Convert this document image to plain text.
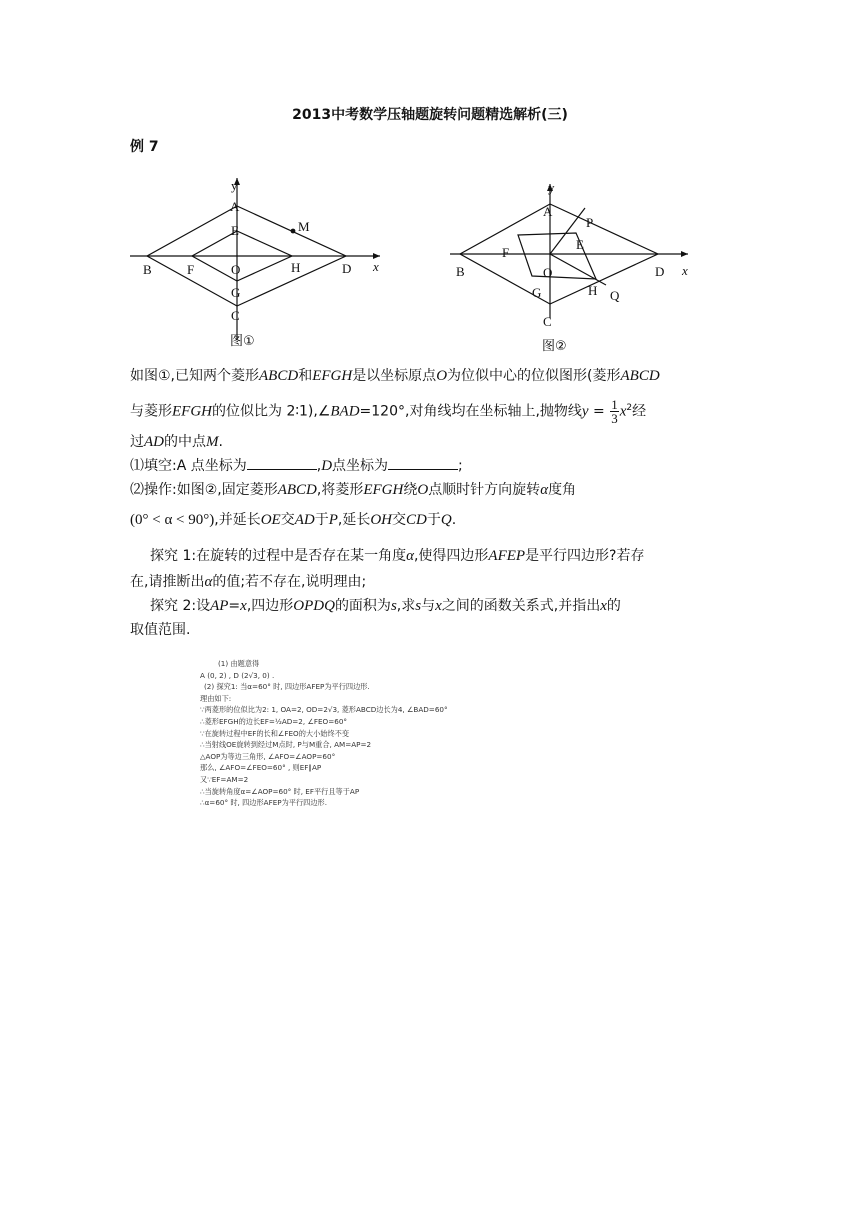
2013中考数学压轴题旋转问题精选解析(三)
例 7
y
x
A
M
E
B	F	O	H	D
G
C
图①
y
x
A
P
E
F
B	O	D
G	H Q
C
图②
如图①,已知两个菱形ABCD和EFGH是以坐标原点O为位似中心的位似图形(菱形ABCD
与菱形EFGH的位似比为 2∶1),∠BAD=120°,对角线均在坐标轴上,抛物线$y = \frac{1}{3} x^2$经
过AD的中点M.
⑴填空:A 点坐标为	,D点坐标为	;
⑵操作:如图②,固定菱形ABCD,将菱形EFGH绕O点顺时针方向旋转α度角
(0° < α < 90°),并延长OE交AD于P,延长OH交CD于Q.
探究 1:在旋转的过程中是否存在某一角度α,使得四边形AFEP是平行四边形?若存
在,请推断出α的值;若不存在,说明理由;
探究 2:设AP=x,四边形OPDQ的面积为s,求s与x之间的函数关系式,并指出x的
取值范围.
(1) 由题意得
A (0, 2) , D (2√3, 0) .
(2) 探究1: 当α=60° 时, 四边形AFEP为平行四边形.
理由如下:
∵两菱形的位似比为2: 1, OA=2, OD=2√3, 菱形ABCD边长为4, ∠BAD=60°
∴菱形EFGH的边长EF=½AD=2, ∠FEO=60°
∵在旋转过程中EF的长和∠FEO的大小始终不变
∴当射线OE旋转到经过M点时, P与M重合, AM=AP=2
△AOP为等边三角形, ∠AFO=∠AOP=60°
那么, ∠AFO=∠FEO=60° , 则EF∥AP
又∵EF=AM=2
∴当旋转角度α=∠AOP=60° 时, EF平行且等于AP
∴α=60° 时, 四边形AFEP为平行四边形.
